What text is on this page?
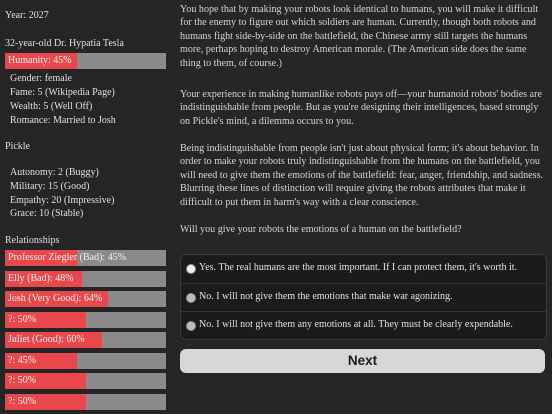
Year: 2027
32-year-old Dr. Hypatia Tesla
Humanity: 45%
Gender: female
Fame: 5 (Wikipedia Page)
Wealth: 5 (Well Off)
Romance: Married to Josh
Pickle
Autonomy: 2 (Buggy)
Military: 15 (Good)
Empathy: 20 (Impressive)
Grace: 10 (Stable)
Relationships
Professor Ziegler (Bad): 45%
Elly (Bad): 48%
Josh (Very Good): 64%
?: 50%
Juliet (Good): 60%
?: 45%
?: 50%
?: 50%

You hope that by making your robots look identical to humans, you will make it difficult for the enemy to figure out which soldiers are human. Currently, though both robots and humans fight side-by-side on the battlefield, the Chinese army still targets the humans more, perhaps hoping to destroy American morale. (The American side does the same thing to them, of course.)

Your experience in making humanlike robots pays off—your humanoid robots' bodies are indistinguishable from people. But as you're designing their intelligences, based strongly on Pickle's mind, a dilemma occurs to you.

Being indistinguishable from people isn't just about physical form; it's about behavior. In order to make your robots truly indistinguishable from the humans on the battlefield, you will need to give them the emotions of the battlefield: fear, anger, friendship, and sadness. Blurring these lines of distinction will require giving the robots attributes that make it difficult to put them in harm's way with a clear conscience.

Will you give your robots the emotions of a human on the battlefield?

Yes. The real humans are the most important. If I can protect them, it's worth it.
No. I will not give them the emotions that make war agonizing.
No. I will not give them any emotions at all. They must be clearly expendable.
Next
